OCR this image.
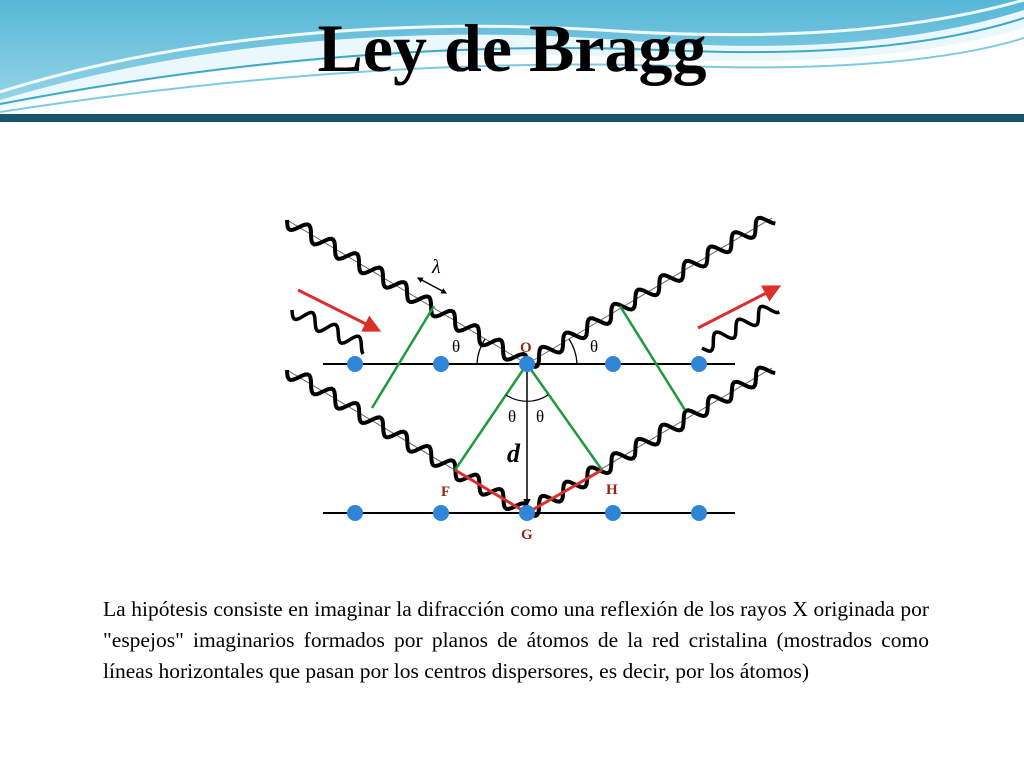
Ley de Bragg
λ
θ	θ
θ θ
O
F
G
H
d
La hipótesis consiste en imaginar la difracción como una reflexión de los rayos X originada por "espejos" imaginarios formados por planos de átomos de la red cristalina (mostrados como líneas horizontales que pasan por los centros dispersores, es decir, por los átomos)
